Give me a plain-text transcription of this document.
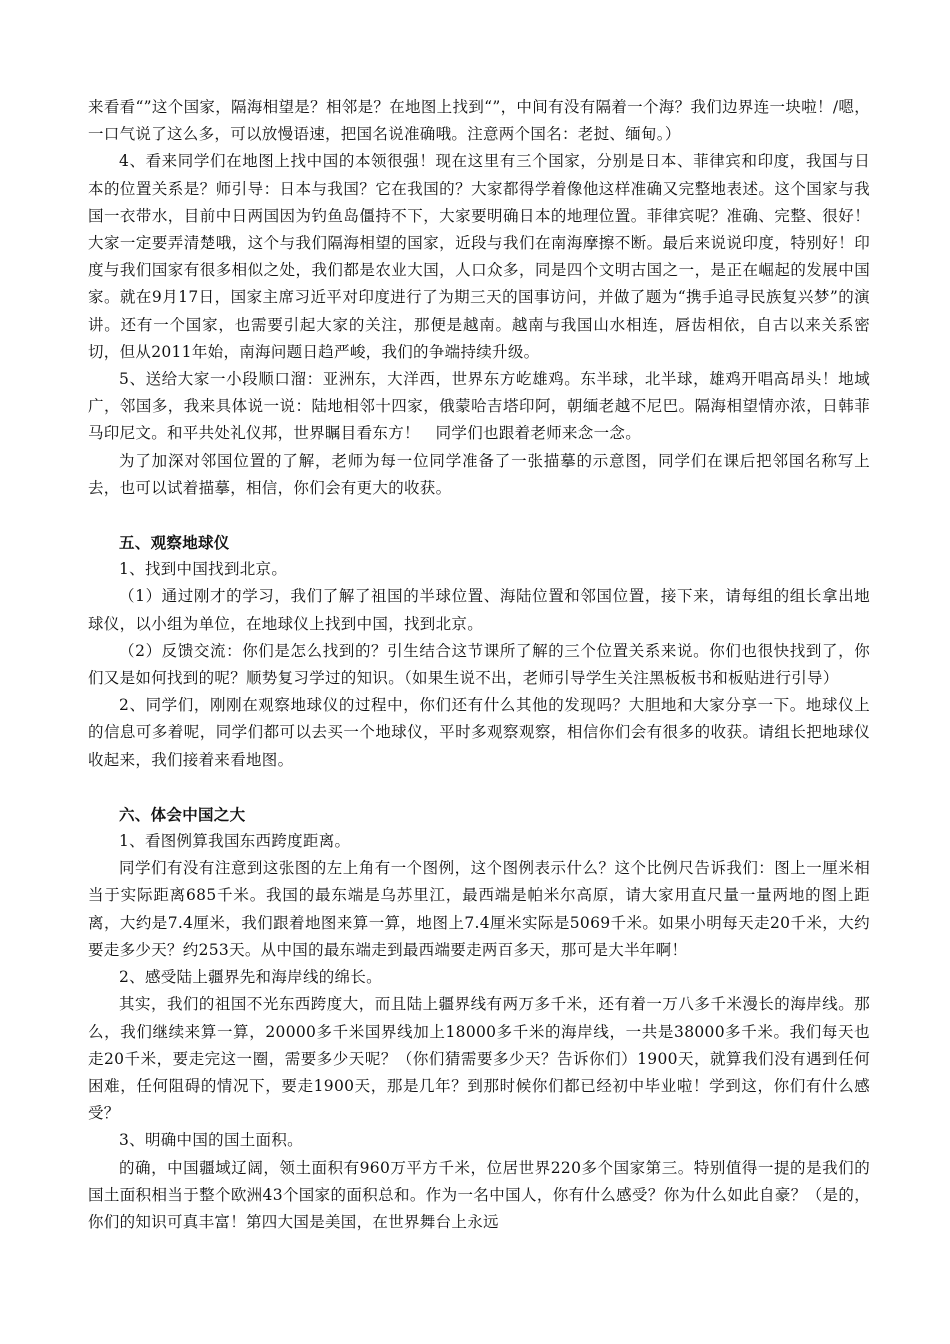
来看看“”这个国家，隔海相望是？相邻是？在地图上找到“”，中间有没有隔着一个海？我们边界连一块啦！/嗯，一口气说了这么多，可以放慢语速，把国名说准确哦。注意两个国名：老挝、缅甸。）

4、看来同学们在地图上找中国的本领很强！现在这里有三个国家，分别是日本、菲律宾和印度，我国与日本的位置关系是？师引导：日本与我国？它在我国的？大家都得学着像他这样准确又完整地表述。这个国家与我国一衣带水，目前中日两国因为钓鱼岛僵持不下，大家要明确日本的地理位置。菲律宾呢？准确、完整、很好！大家一定要弄清楚哦，这个与我们隔海相望的国家，近段与我们在南海摩擦不断。最后来说说印度，特别好！印度与我们国家有很多相似之处，我们都是农业大国，人口众多，同是四个文明古国之一，是正在崛起的发展中国家。就在9月17日，国家主席习近平对印度进行了为期三天的国事访问，并做了题为“携手追寻民族复兴梦”的演讲。还有一个国家，也需要引起大家的关注，那便是越南。越南与我国山水相连，唇齿相依，自古以来关系密切，但从2011年始，南海问题日趋严峻，我们的争端持续升级。

5、送给大家一小段顺口溜：亚洲东，大洋西，世界东方屹雄鸡。东半球，北半球，雄鸡开唱高昂头！地域广，邻国多，我来具体说一说：陆地相邻十四家，俄蒙哈吉塔印阿，朝缅老越不尼巴。隔海相望情亦浓，日韩菲马印尼文。和平共处礼仪邦，世界瞩目看东方！　同学们也跟着老师来念一念。

为了加深对邻国位置的了解，老师为每一位同学准备了一张描摹的示意图，同学们在课后把邻国名称写上去，也可以试着描摹，相信，你们会有更大的收获。

五、观察地球仪

1、找到中国找到北京。

（1）通过刚才的学习，我们了解了祖国的半球位置、海陆位置和邻国位置，接下来，请每组的组长拿出地球仪，以小组为单位，在地球仪上找到中国，找到北京。

（2）反馈交流：你们是怎么找到的？引生结合这节课所了解的三个位置关系来说。你们也很快找到了，你们又是如何找到的呢？顺势复习学过的知识。（如果生说不出，老师引导学生关注黑板板书和板贴进行引导）

2、同学们，刚刚在观察地球仪的过程中，你们还有什么其他的发现吗？大胆地和大家分享一下。地球仪上的信息可多着呢，同学们都可以去买一个地球仪，平时多观察观察，相信你们会有很多的收获。请组长把地球仪收起来，我们接着来看地图。

六、体会中国之大

1、看图例算我国东西跨度距离。

同学们有没有注意到这张图的左上角有一个图例，这个图例表示什么？这个比例尺告诉我们：图上一厘米相当于实际距离685千米。我国的最东端是乌苏里江，最西端是帕米尔高原，请大家用直尺量一量两地的图上距离，大约是7.4厘米，我们跟着地图来算一算，地图上7.4厘米实际是5069千米。如果小明每天走20千米，大约要走多少天？约253天。从中国的最东端走到最西端要走两百多天，那可是大半年啊！

2、感受陆上疆界先和海岸线的绵长。

其实，我们的祖国不光东西跨度大，而且陆上疆界线有两万多千米，还有着一万八多千米漫长的海岸线。那么，我们继续来算一算，20000多千米国界线加上18000多千米的海岸线，一共是38000多千米。我们每天也走20千米，要走完这一圈，需要多少天呢？（你们猜需要多少天？告诉你们）1900天，就算我们没有遇到任何困难，任何阻碍的情况下，要走1900天，那是几年？到那时候你们都已经初中毕业啦！学到这，你们有什么感受？

3、明确中国的国土面积。

的确，中国疆域辽阔，领土面积有960万平方千米，位居世界220多个国家第三。特别值得一提的是我们的国土面积相当于整个欧洲43个国家的面积总和。作为一名中国人，你有什么感受？你为什么如此自豪？（是的，你们的知识可真丰富！第四大国是美国，在世界舞台上永远
